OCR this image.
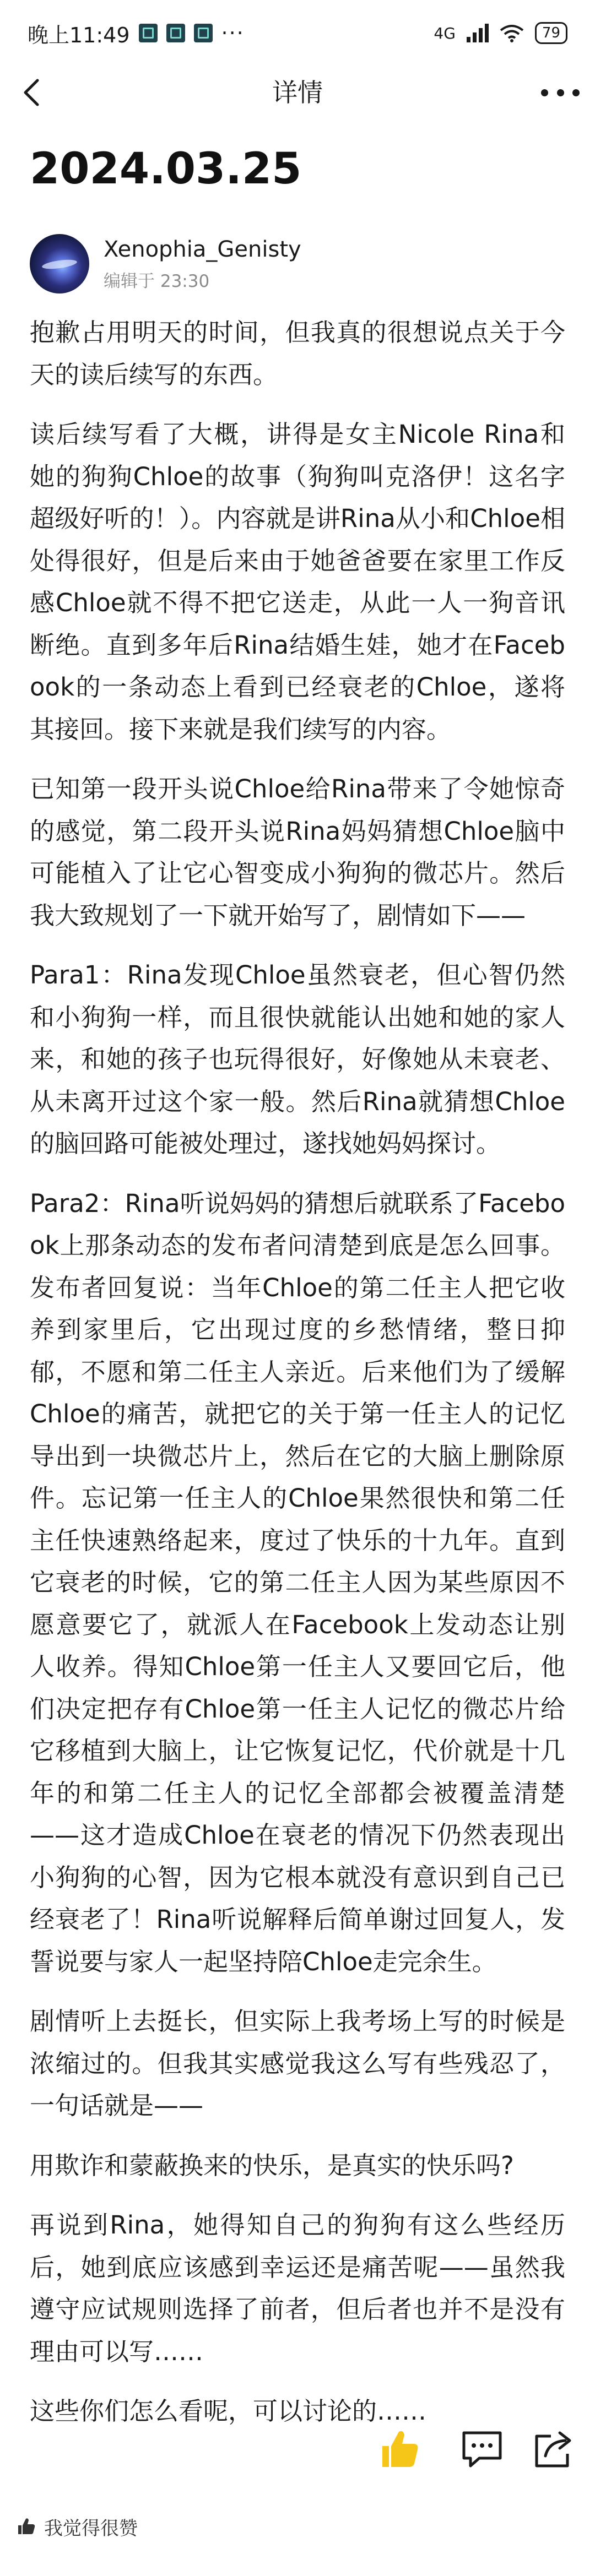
晚上11:49	···	4G	79
详情
2024.03.25
Xenophia_Genisty
编辑于 23:30

抱歉占用明天的时间，但我真的很想说点关于今天的读后续写的东西。

读后续写看了大概，讲得是女主Nicole Rina和她的狗狗Chloe的故事（狗狗叫克洛伊！这名字超级好听的！）。内容就是讲Rina从小和Chloe相处得很好，但是后来由于她爸爸要在家里工作反感Chloe就不得不把它送走，从此一人一狗音讯断绝。直到多年后Rina结婚生娃，她才在Facebook的一条动态上看到已经衰老的Chloe，遂将其接回。接下来就是我们续写的内容。

已知第一段开头说Chloe给Rina带来了令她惊奇的感觉，第二段开头说Rina妈妈猜想Chloe脑中可能植入了让它心智变成小狗狗的微芯片。然后我大致规划了一下就开始写了，剧情如下——

Para1：Rina发现Chloe虽然衰老，但心智仍然和小狗狗一样，而且很快就能认出她和她的家人来，和她的孩子也玩得很好，好像她从未衰老、从未离开过这个家一般。然后Rina就猜想Chloe的脑回路可能被处理过，遂找她妈妈探讨。

Para2：Rina听说妈妈的猜想后就联系了Facebook上那条动态的发布者问清楚到底是怎么回事。发布者回复说：当年Chloe的第二任主人把它收养到家里后，它出现过度的乡愁情绪，整日抑郁，不愿和第二任主人亲近。后来他们为了缓解Chloe的痛苦，就把它的关于第一任主人的记忆导出到一块微芯片上，然后在它的大脑上删除原件。忘记第一任主人的Chloe果然很快和第二任主任快速熟络起来，度过了快乐的十九年。直到它衰老的时候，它的第二任主人因为某些原因不愿意要它了，就派人在Facebook上发动态让别人收养。得知Chloe第一任主人又要回它后，他们决定把存有Chloe第一任主人记忆的微芯片给它移植到大脑上，让它恢复记忆，代价就是十几年的和第二任主人的记忆全部都会被覆盖清楚——这才造成Chloe在衰老的情况下仍然表现出小狗狗的心智，因为它根本就没有意识到自己已经衰老了！Rina听说解释后简单谢过回复人，发誓说要与家人一起坚持陪Chloe走完余生。

剧情听上去挺长，但实际上我考场上写的时候是浓缩过的。但我其实感觉我这么写有些残忍了，一句话就是——

用欺诈和蒙蔽换来的快乐，是真实的快乐吗?

再说到Rina，她得知自己的狗狗有这么些经历后，她到底应该感到幸运还是痛苦呢——虽然我遵守应试规则选择了前者，但后者也并不是没有理由可以写……

这些你们怎么看呢，可以讨论的……

我觉得很赞
